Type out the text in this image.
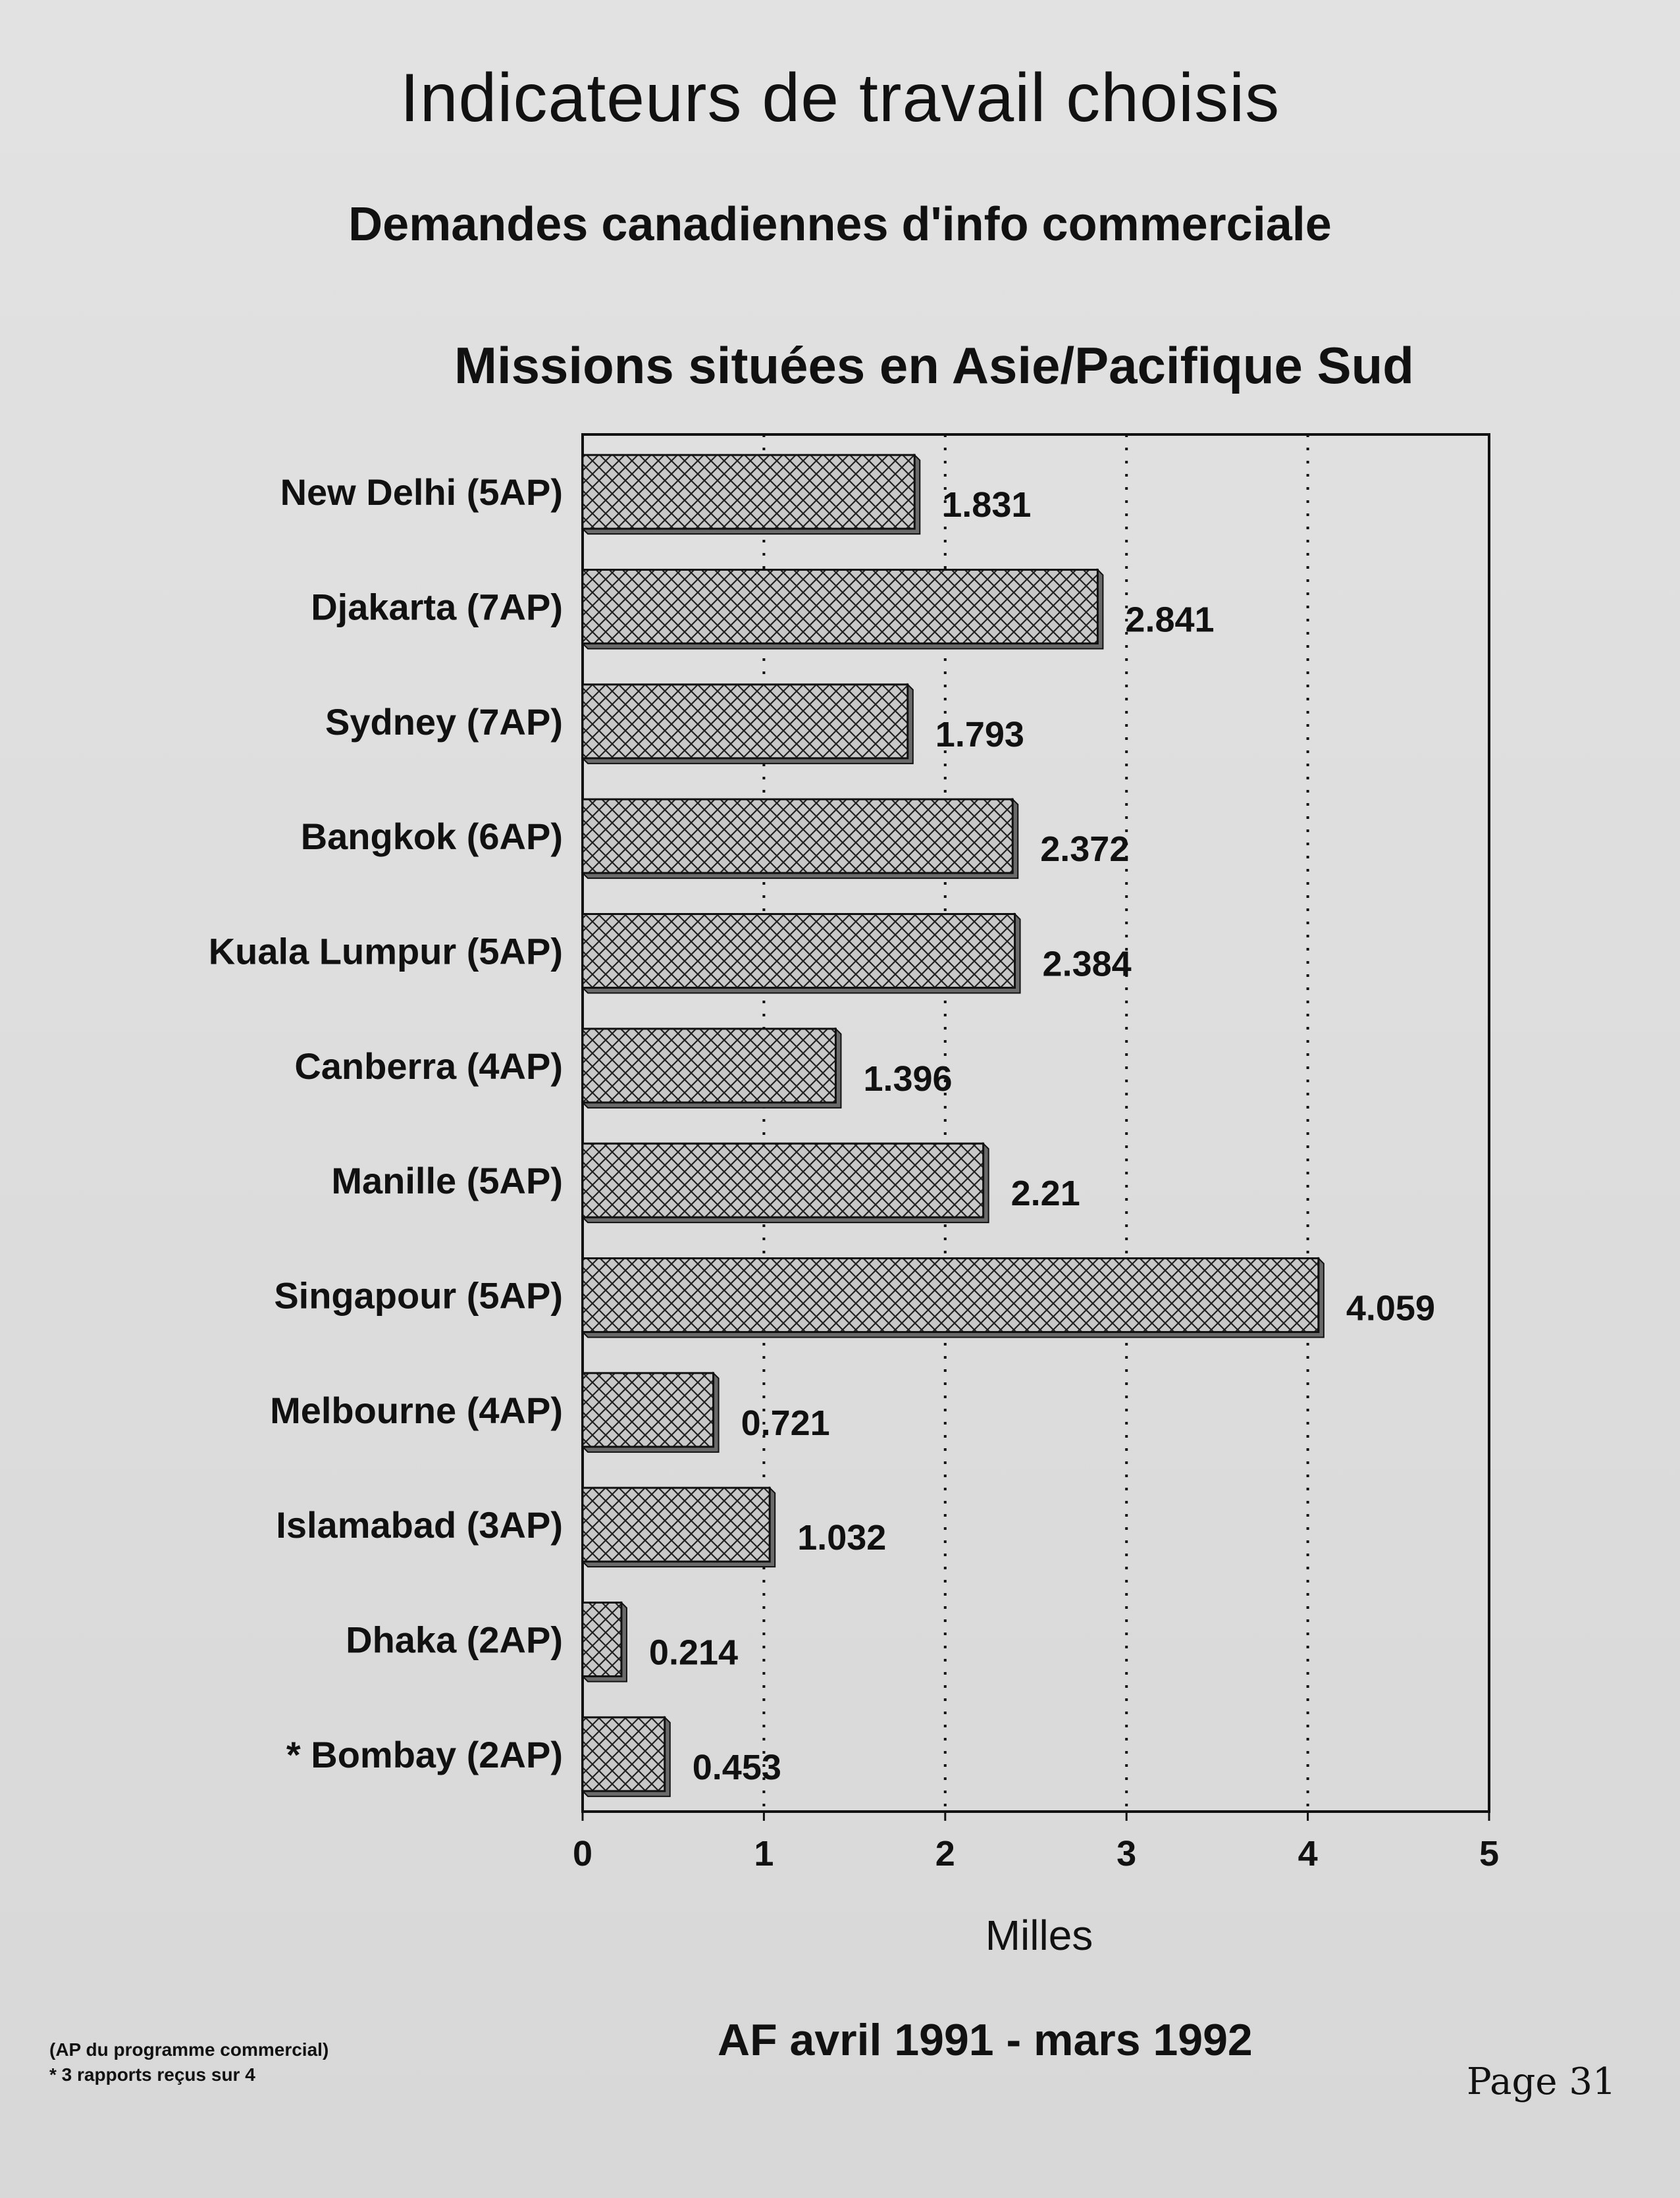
Indicateurs de travail choisis
Demandes canadiennes d'info commerciale
Missions situées en Asie/Pacifique Sud
New Delhi (5AP)	1.831
Djakarta (7AP)	2.841
Sydney (7AP)	1.793
Bangkok (6AP)	2.372
Kuala Lumpur (5AP)	2.384
Canberra (4AP)	1.396
Manille (5AP)	2.21
Singapour (5AP)	4.059
Melbourne (4AP)	0.721
Islamabad (3AP)	1.032
Dhaka (2AP) 0.214
* Bombay (2AP)	0.453
0	1	2	3	4	5
Milles
(AP du programme commercial)
* 3 rapports reçus sur 4
AF avril 1991 - mars 1992
Page 31
